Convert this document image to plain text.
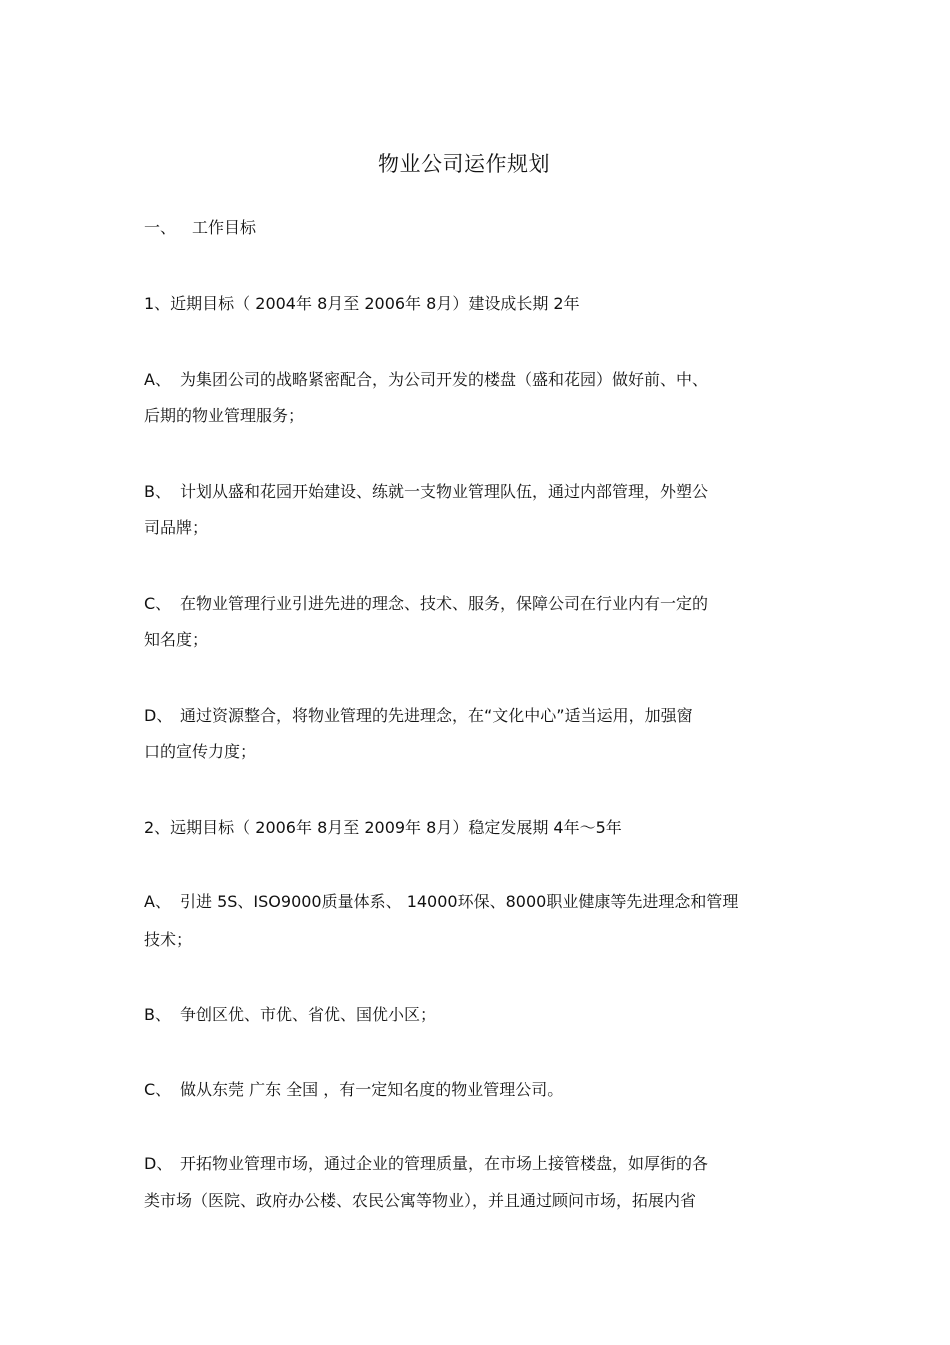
物业公司运作规划
一、 工作目标
1、近期目标（ 2004年 8月至 2006年 8月）建设成长期 2年
A、 为集团公司的战略紧密配合，为公司开发的楼盘（盛和花园）做好前、中、
后期的物业管理服务；
B、 计划从盛和花园开始建设、练就一支物业管理队伍，通过内部管理，外塑公
司品牌；
C、 在物业管理行业引进先进的理念、技术、服务，保障公司在行业内有一定的
知名度；
D、 通过资源整合，将物业管理的先进理念，在“文化中心”适当运用，加强窗
口的宣传力度；
2、远期目标（ 2006年 8月至 2009年 8月）稳定发展期 4年～5年
A、 引进 5S、ISO9000质量体系、 14000环保、8000职业健康等先进理念和管理
技术；
B、 争创区优、市优、省优、国优小区；
C、 做从东莞 广东 全国 ，有一定知名度的物业管理公司。
D、 开拓物业管理市场，通过企业的管理质量，在市场上接管楼盘，如厚街的各
类市场（医院、政府办公楼、农民公寓等物业），并且通过顾问市场，拓展内省
